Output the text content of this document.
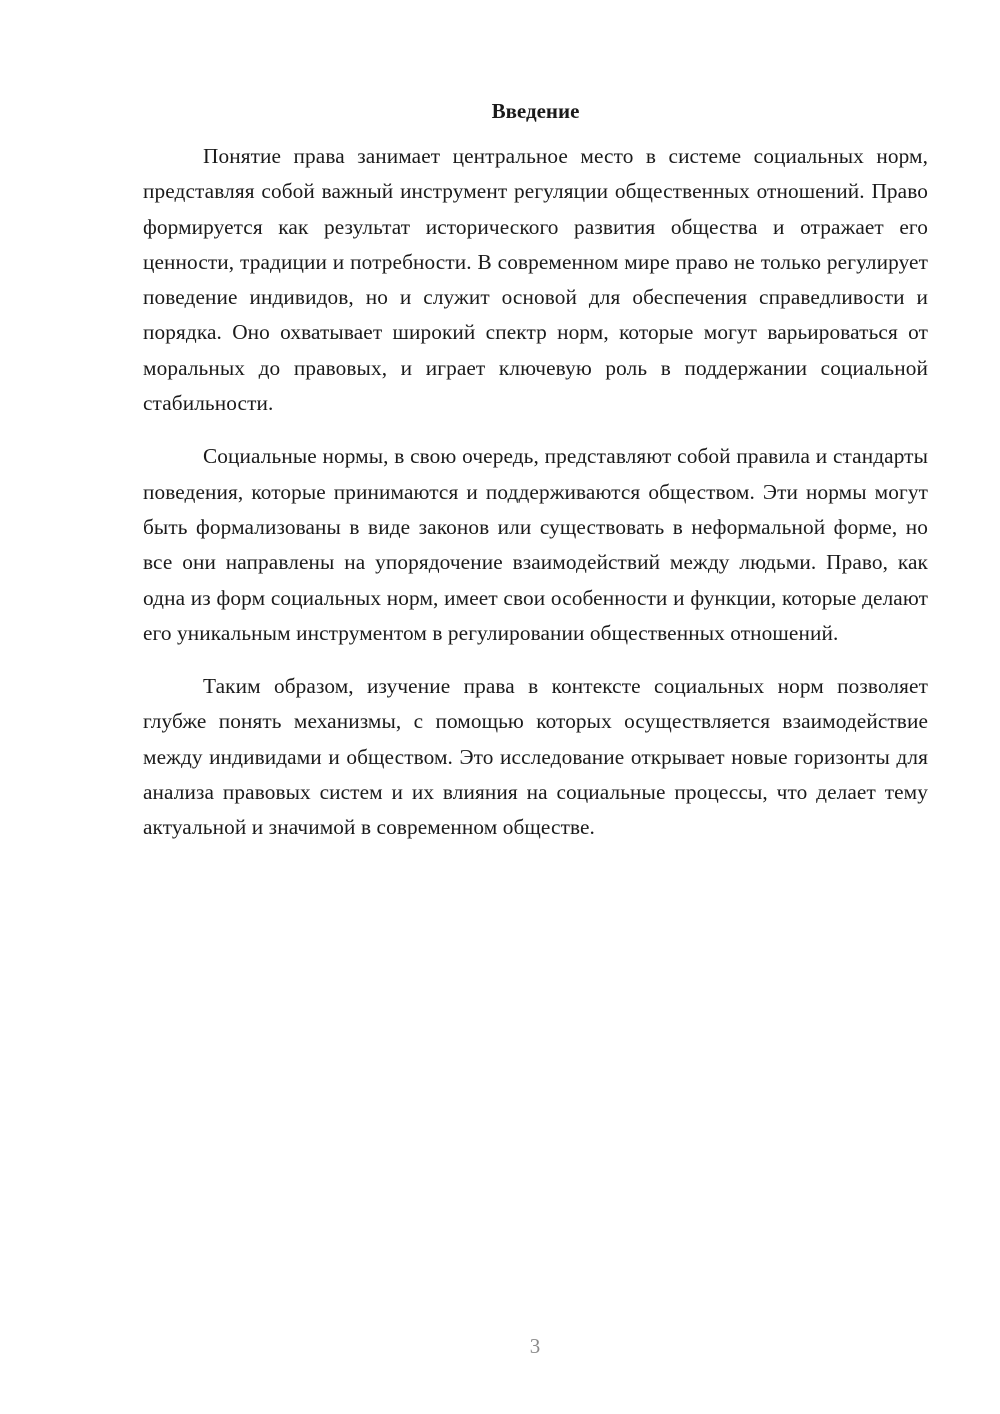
Введение

Понятие права занимает центральное место в системе социальных норм, представляя собой важный инструмент регуляции общественных отношений. Право формируется как результат исторического развития общества и отражает его ценности, традиции и потребности. В современном мире право не только регулирует поведение индивидов, но и служит основой для обеспечения справедливости и порядка. Оно охватывает широкий спектр норм, которые могут варьироваться от моральных до правовых, и играет ключевую роль в поддержании социальной стабильности.

Социальные нормы, в свою очередь, представляют собой правила и стандарты поведения, которые принимаются и поддерживаются обществом. Эти нормы могут быть формализованы в виде законов или существовать в неформальной форме, но все они направлены на упорядочение взаимодействий между людьми. Право, как одна из форм социальных норм, имеет свои особенности и функции, которые делают его уникальным инструментом в регулировании общественных отношений.

Таким образом, изучение права в контексте социальных норм позволяет глубже понять механизмы, с помощью которых осуществляется взаимодействие между индивидами и обществом. Это исследование открывает новые горизонты для анализа правовых систем и их влияния на социальные процессы, что делает тему актуальной и значимой в современном обществе.

3
